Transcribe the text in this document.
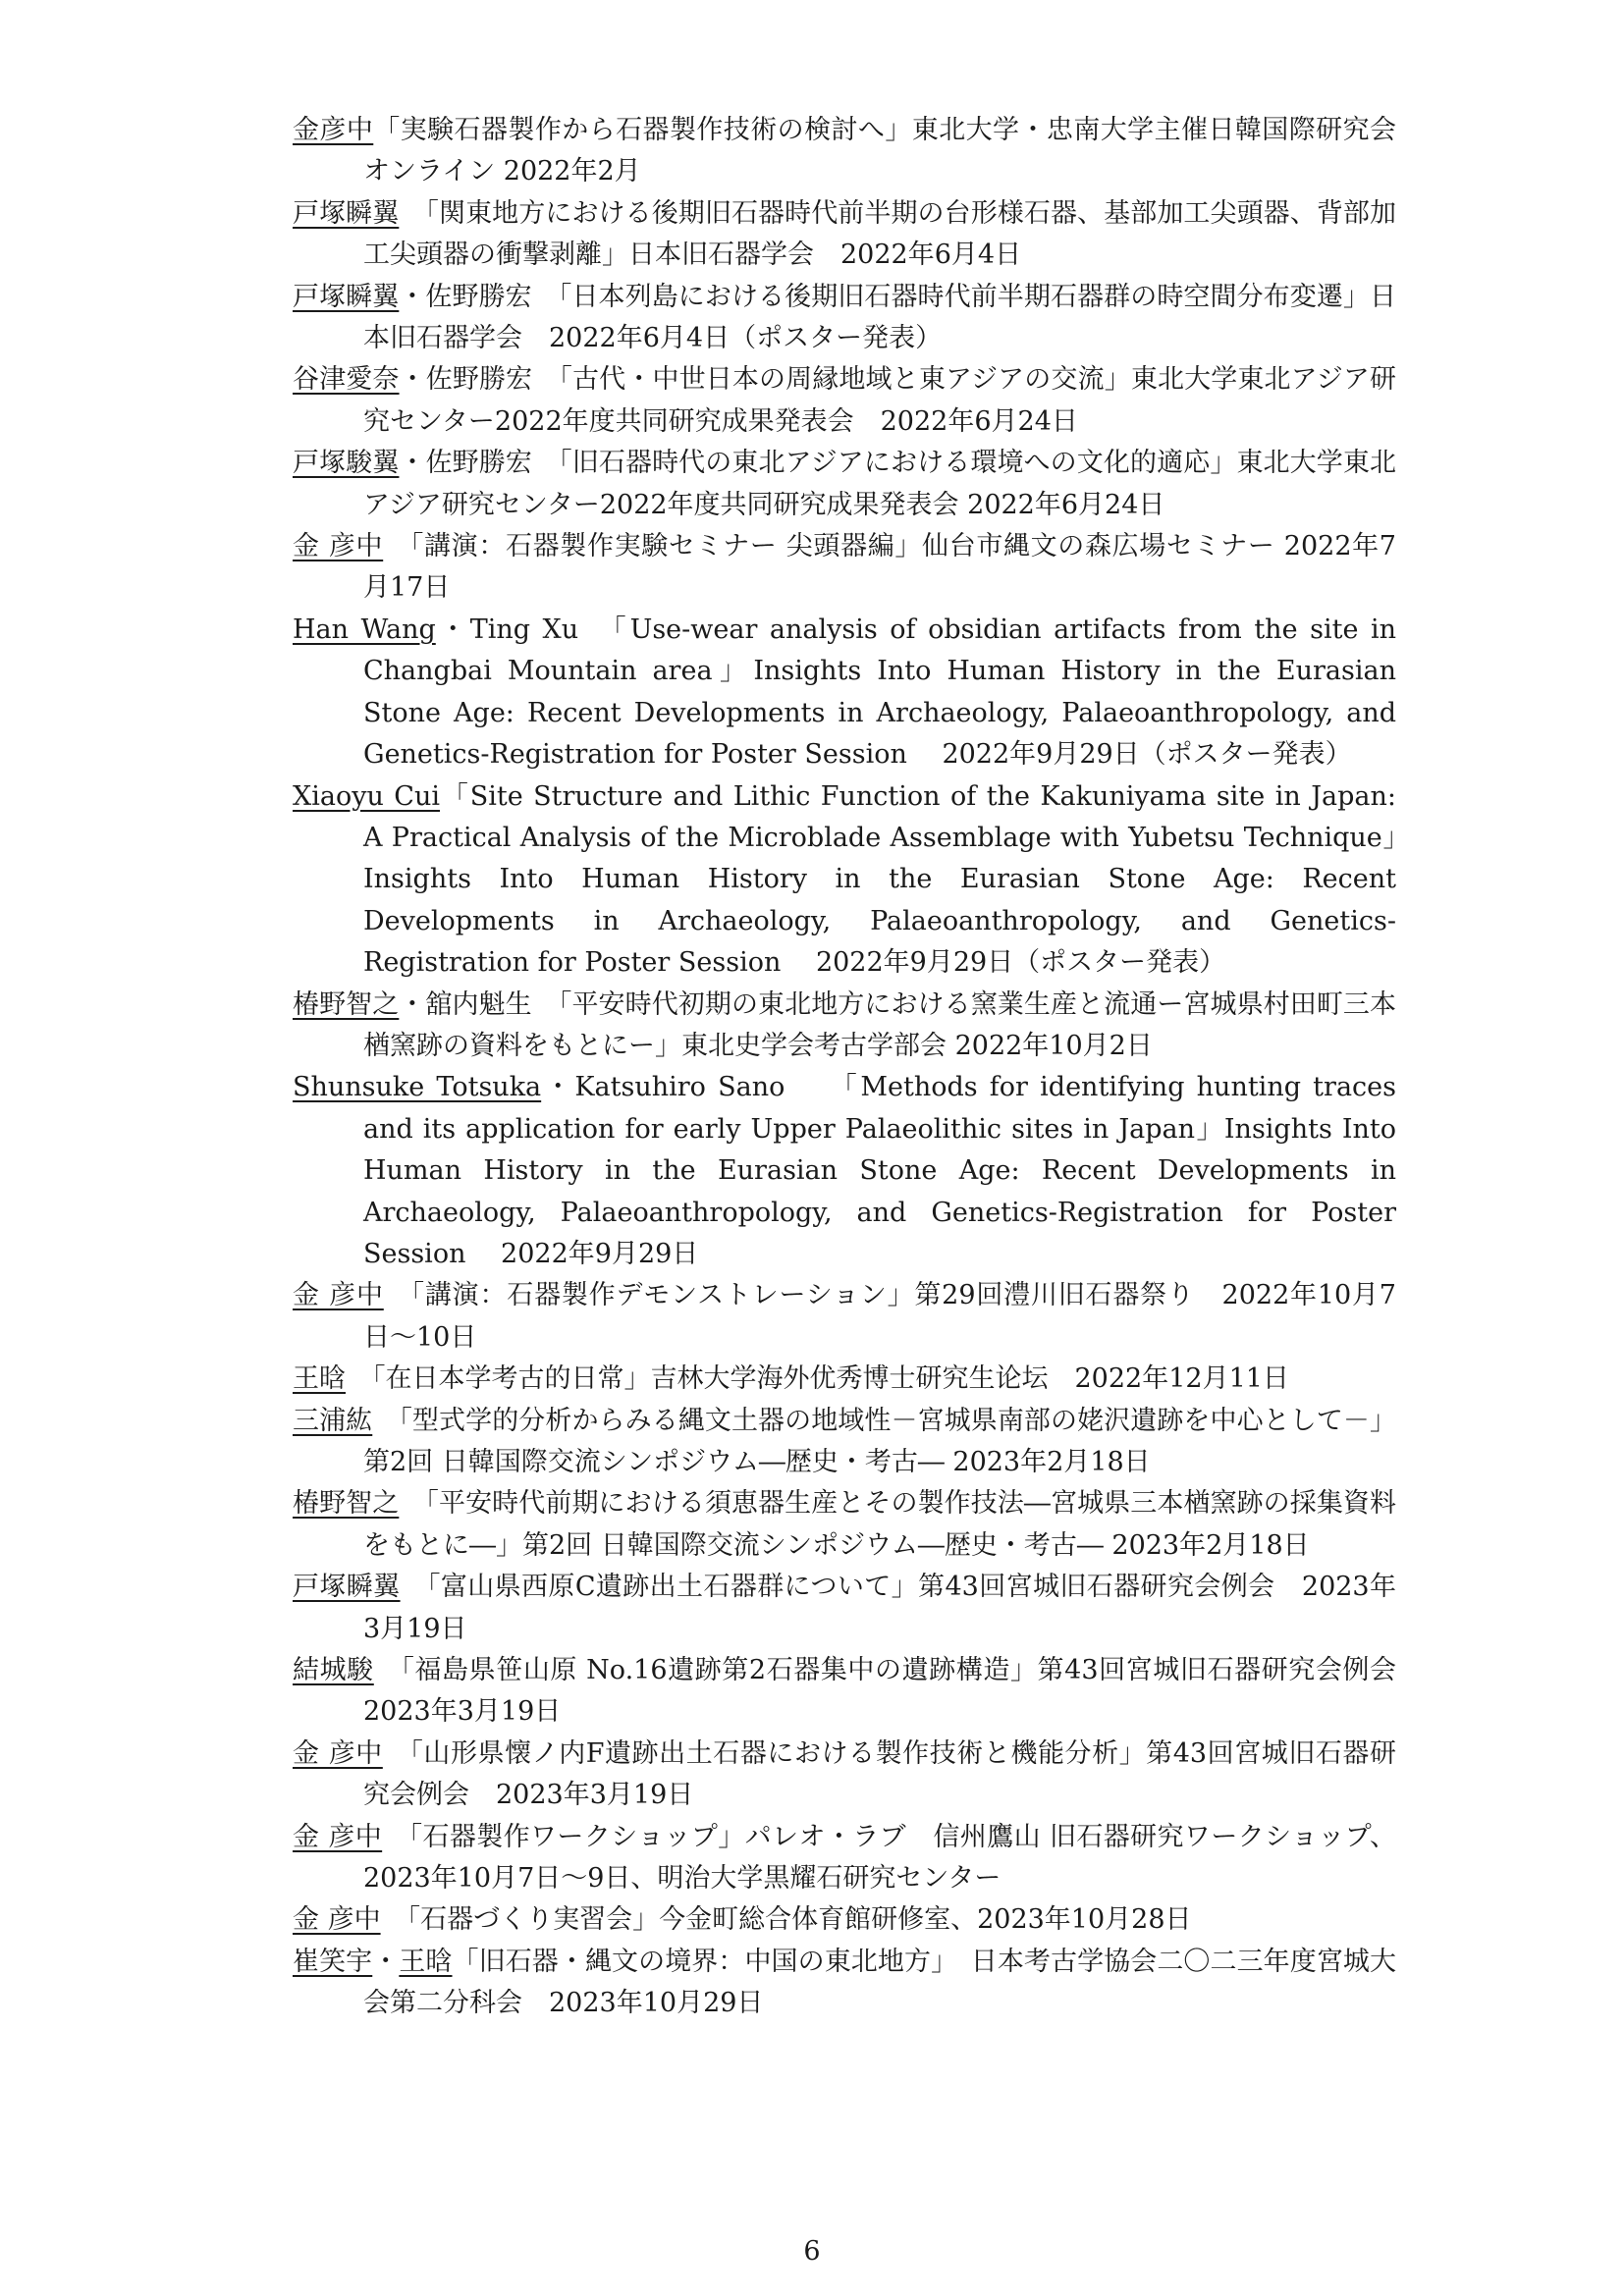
金彦中「実験石器製作から石器製作技術の検討へ」東北大学・忠南大学主催日韓国際研究会 オンライン 2022年2月

戸塚瞬翼　「関東地方における後期旧石器時代前半期の台形様石器、基部加工尖頭器、背部加工尖頭器の衝撃剥離」日本旧石器学会　2022年6月4日

戸塚瞬翼・佐野勝宏　「日本列島における後期旧石器時代前半期石器群の時空間分布変遷」日本旧石器学会　2022年6月4日（ポスター発表）

谷津愛奈・佐野勝宏　「古代・中世日本の周縁地域と東アジアの交流」東北大学東北アジア研究センター2022年度共同研究成果発表会　2022年6月24日

戸塚駿翼・佐野勝宏　「旧石器時代の東北アジアにおける環境への文化的適応」東北大学東北アジア研究センター2022年度共同研究成果発表会 2022年6月24日

金 彦中　「講演：石器製作実験セミナー 尖頭器編」仙台市縄文の森広場セミナー 2022年7月17日

Han Wang・Ting Xu　「Use-wear analysis of obsidian artifacts from the site in Changbai Mountain area」Insights Into Human History in the Eurasian Stone Age: Recent Developments in Archaeology, Palaeoanthropology, and Genetics-Registration for Poster Session　 2022年9月29日（ポスター発表）

Xiaoyu Cui「Site Structure and Lithic Function of the Kakuniyama site in Japan: A Practical Analysis of the Microblade Assemblage with Yubetsu Technique」Insights Into Human History in the Eurasian Stone Age: Recent Developments in Archaeology, Palaeoanthropology, and Genetics-Registration for Poster Session　 2022年9月29日（ポスター発表）

椿野智之・舘内魁生　「平安時代初期の東北地方における窯業生産と流通ー宮城県村田町三本楢窯跡の資料をもとにー」東北史学会考古学部会 2022年10月2日

Shunsuke Totsuka・Katsuhiro Sano　 「Methods for identifying hunting traces and its application for early Upper Palaeolithic sites in Japan」Insights Into Human History in the Eurasian Stone Age: Recent Developments in Archaeology, Palaeoanthropology, and Genetics-Registration for Poster Session　 2022年9月29日

金 彦中　「講演：石器製作デモンストレーション」第29回澧川旧石器祭り　2022年10月7日〜10日

王晗　「在日本学考古的日常」吉林大学海外优秀博士研究生论坛　2022年12月11日

三浦紘　「型式学的分析からみる縄文土器の地域性－宮城県南部の姥沢遺跡を中心として－」第2回 日韓国際交流シンポジウム―歴史・考古― 2023年2月18日

椿野智之　「平安時代前期における須恵器生産とその製作技法―宮城県三本楢窯跡の採集資料をもとに―」第2回 日韓国際交流シンポジウム―歴史・考古― 2023年2月18日

戸塚瞬翼　「富山県西原C遺跡出土石器群について」第43回宮城旧石器研究会例会　2023年3月19日

結城駿　「福島県笹山原 No.16遺跡第2石器集中の遺跡構造」第43回宮城旧石器研究会例会　2023年3月19日

金 彦中　「山形県懐ノ内F遺跡出土石器における製作技術と機能分析」第43回宮城旧石器研究会例会　2023年3月19日

金 彦中　「石器製作ワークショップ」パレオ・ラブ　信州鷹山 旧石器研究ワークショップ、2023年10月7日〜9日、明治大学黒耀石研究センター

金 彦中　「石器づくり実習会」今金町総合体育館研修室、2023年10月28日

崔笑宇・王晗「旧石器・縄文の境界：中国の東北地方」　日本考古学協会二〇二三年度宮城大会第二分科会　2023年10月29日

6
